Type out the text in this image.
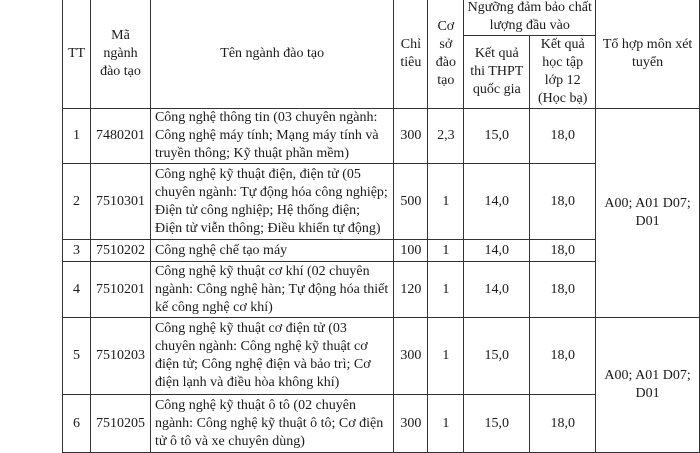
TT	Mã ngành đào tạo	Tên ngành đào tạo	Chỉ tiêu	Cơ sở đào tạo	Ngưỡng đảm bảo chất lượng đầu vào		Tổ hợp môn xét tuyển
					Kết quả thi THPT quốc gia	Kết quả học tập lớp 12 (Học bạ)	
1	7480201	Công nghệ thông tin (03 chuyên ngành: Công nghệ máy tính; Mạng máy tính và truyền thông; Kỹ thuật phần mềm)	300	2,3	15,0	18,0	A00; A01 D07; D01
2	7510301	Công nghệ kỹ thuật điện, điện tử (05 chuyên ngành: Tự động hóa công nghiệp; Điện tử công nghiệp; Hệ thống điện; Điện tử viễn thông; Điều khiển tự động)	500	1	14,0	18,0	
3	7510202	Công nghệ chế tạo máy	100	1	14,0	18,0	
4	7510201	Công nghệ kỹ thuật cơ khí (02 chuyên ngành: Công nghệ hàn; Tự động hóa thiết kế công nghệ cơ khí)	120	1	14,0	18,0	
5	7510203	Công nghệ kỹ thuật cơ điện tử (03 chuyên ngành: Công nghệ kỹ thuật cơ điện tử; Công nghệ điện và bảo trì; Cơ điện lạnh và điều hòa không khí)	300	1	15,0	18,0	A00; A01 D07; D01
6	7510205	Công nghệ kỹ thuật ô tô (02 chuyên ngành: Công nghệ kỹ thuật ô tô; Cơ điện tử ô tô và xe chuyên dùng)	300	1	15,0	18,0	
